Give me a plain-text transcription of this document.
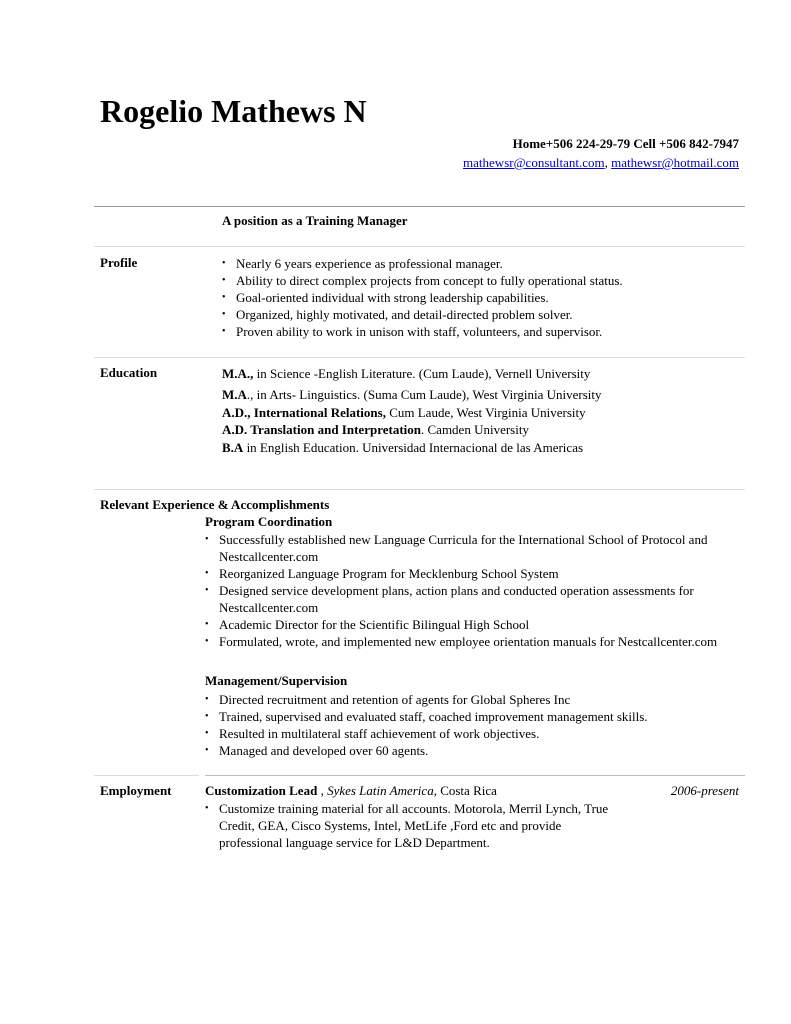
Rogelio Mathews N
Home+506 224-29-79 Cell +506 842-7947
mathewsr@consultant.com, mathewsr@hotmail.com
A position as a Training Manager
Profile
•	Nearly 6 years experience as professional manager.
• Ability to direct complex projects from concept to fully operational status.
• Goal-oriented individual with strong leadership capabilities.
• Organized, highly motivated, and detail-directed problem solver.
• Proven ability to work in unison with staff, volunteers, and supervisor.
Education	M.A., in Science -English Literature. (Cum Laude), Vernell University
M.A., in Arts- Linguistics. (Suma Cum Laude), West Virginia University
A.D., International Relations, Cum Laude, West Virginia University
A.D. Translation and Interpretation. Camden University
B.A in English Education. Universidad Internacional de las Americas
Relevant Experience & Accomplishments
Program Coordination
• Successfully established new Language Curricula for the International School of Protocol and Nestcallcenter.com
• Reorganized Language Program for Mecklenburg School System
• Designed service development plans, action plans and conducted operation assessments for Nestcallcenter.com
• Academic Director for the Scientific Bilingual High School
• Formulated, wrote, and implemented new employee orientation manuals for Nestcallcenter.com
Management/Supervision
• Directed recruitment and retention of agents for Global Spheres Inc
• Trained, supervised and evaluated staff, coached improvement management skills.
• Resulted in multilateral staff achievement of work objectives.
• Managed and developed over 60 agents.
Employment	Customization Lead , Sykes Latin America, Costa Rica	2006-present
• Customize training material for all accounts. Motorola, Merril Lynch, True Credit, GEA, Cisco Systems, Intel, MetLife ,Ford etc and provide professional language service for L&D Department.
